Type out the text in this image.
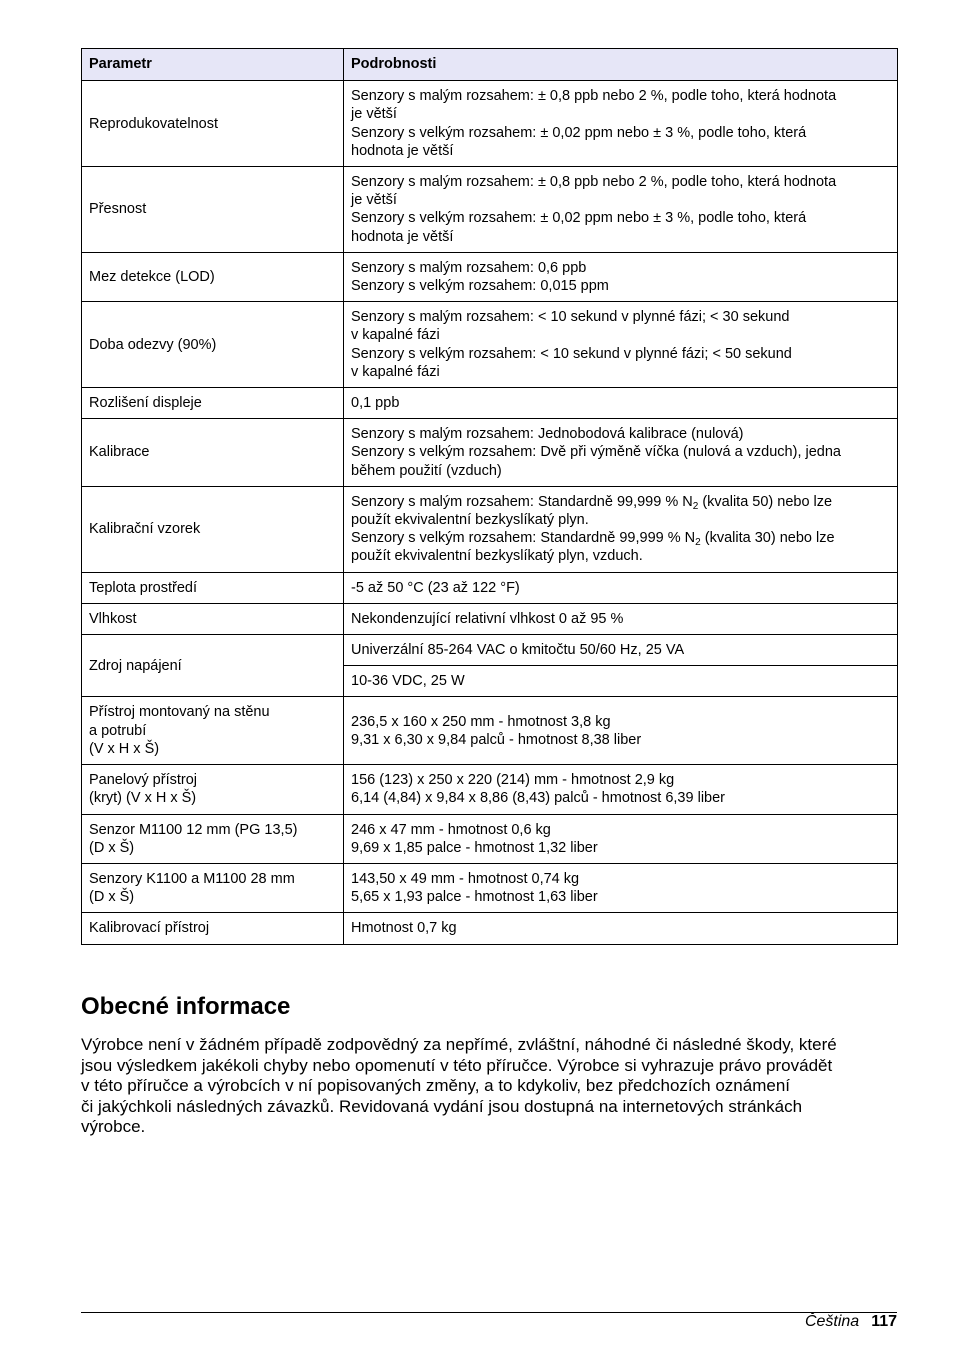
Parametr	Podrobnosti

Reprodukovatelnost	Senzory s malým rozsahem: ± 0,8 ppb nebo 2 %, podle toho, která hodnota
je větší
Senzory s velkým rozsahem: ± 0,02 ppm nebo ± 3 %, podle toho, která
hodnota je větší

Přesnost	Senzory s malým rozsahem: ± 0,8 ppb nebo 2 %, podle toho, která hodnota
je větší
Senzory s velkým rozsahem: ± 0,02 ppm nebo ± 3 %, podle toho, která
hodnota je větší

Mez detekce (LOD)	Senzory s malým rozsahem: 0,6 ppb
Senzory s velkým rozsahem: 0,015 ppm

Doba odezvy (90%)	Senzory s malým rozsahem: < 10 sekund v plynné fázi; < 30 sekund
v kapalné fázi
Senzory s velkým rozsahem: < 10 sekund v plynné fázi; < 50 sekund
v kapalné fázi

Rozlišení displeje	0,1 ppb

Kalibrace	Senzory s malým rozsahem: Jednobodová kalibrace (nulová)
Senzory s velkým rozsahem: Dvě při výměně víčka (nulová a vzduch), jedna
během použití (vzduch)

Kalibrační vzorek	Senzory s malým rozsahem: Standardně 99,999 % $N_2$ (kvalita 50) nebo lze
použít ekvivalentní bezkyslíkatý plyn.
Senzory s velkým rozsahem: Standardně 99,999 % $N_2$ (kvalita 30) nebo lze
použít ekvivalentní bezkyslíkatý plyn, vzduch.

Teplota prostředí	-5 až 50 °C (23 až 122 °F)

Vlhkost	Nekondenzující relativní vlhkost 0 až 95 %

Zdroj napájení	Univerzální 85-264 VAC o kmitočtu 50/60 Hz, 25 VA

	10-36 VDC, 25 W

Přístroj montovaný na stěnu
a potrubí
(V x H x Š)	236,5 x 160 x 250 mm - hmotnost 3,8 kg
9,31 x 6,30 x 9,84 palců - hmotnost 8,38 liber

Panelový přístroj
(kryt) (V x H x Š)	156 (123) x 250 x 220 (214) mm - hmotnost 2,9 kg
6,14 (4,84) x 9,84 x 8,86 (8,43) palců - hmotnost 6,39 liber

Senzor M1100 12 mm (PG 13,5)
(D x Š)	246 x 47 mm - hmotnost 0,6 kg
9,69 x 1,85 palce - hmotnost 1,32 liber

Senzory K1100 a M1100 28 mm
(D x Š)	143,50 x 49 mm - hmotnost 0,74 kg
5,65 x 1,93 palce - hmotnost 1,63 liber

Kalibrovací přístroj	Hmotnost 0,7 kg
Obecné informace

Výrobce není v žádném případě zodpovědný za nepřímé, zvláštní, náhodné či následné škody, které
jsou výsledkem jakékoli chyby nebo opomenutí v této příručce. Výrobce si vyhrazuje právo provádět
v této příručce a výrobcích v ní popisovaných změny, a to kdykoliv, bez předchozích oznámení
či jakýchkoli následných závazků. Revidovaná vydání jsou dostupná na internetových stránkách
výrobce.

Čeština 117
